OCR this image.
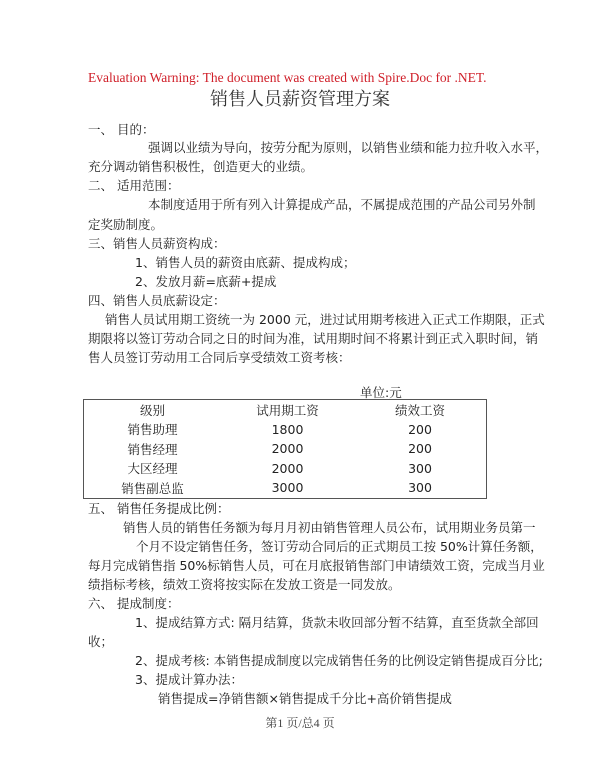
Evaluation Warning: The document was created with Spire.Doc for .NET.
销售人员薪资管理方案
一、 目的：
强调以业绩为导向，按劳分配为原则，以销售业绩和能力拉升收入水平，
充分调动销售积极性，创造更大的业绩。
二、 适用范围：
本制度适用于所有列入计算提成产品，不属提成范围的产品公司另外制
定奖励制度。
三、销售人员薪资构成：
1、销售人员的薪资由底薪、提成构成；
2、发放月薪=底薪+提成
四、销售人员底薪设定：
销售人员试用期工资统一为 2000 元，进过试用期考核进入正式工作期限，正式
期限将以签订劳动合同之日的时间为准，试用期时间不将累计到正式入职时间，销
售人员签订劳动用工合同后享受绩效工资考核：
单位:元
级别	试用期工资	绩效工资
销售助理	1800	200
销售经理	2000	200
大区经理	2000	300
销售副总监	3000	300
五、 销售任务提成比例：
销售人员的销售任务额为每月月初由销售管理人员公布，试用期业务员第一
个月不设定销售任务，签订劳动合同后的正式期员工按 50%计算任务额，
每月完成销售指 50%标销售人员，可在月底报销售部门申请绩效工资，完成当月业
绩指标考核，绩效工资将按实际在发放工资是一同发放。
六、 提成制度：
1、提成结算方式: 隔月结算，货款未收回部分暂不结算，直至货款全部回
收；
2、提成考核: 本销售提成制度以完成销售任务的比例设定销售提成百分比;
3、提成计算办法：
销售提成=净销售额×销售提成千分比+高价销售提成
第1 页/总4 页
